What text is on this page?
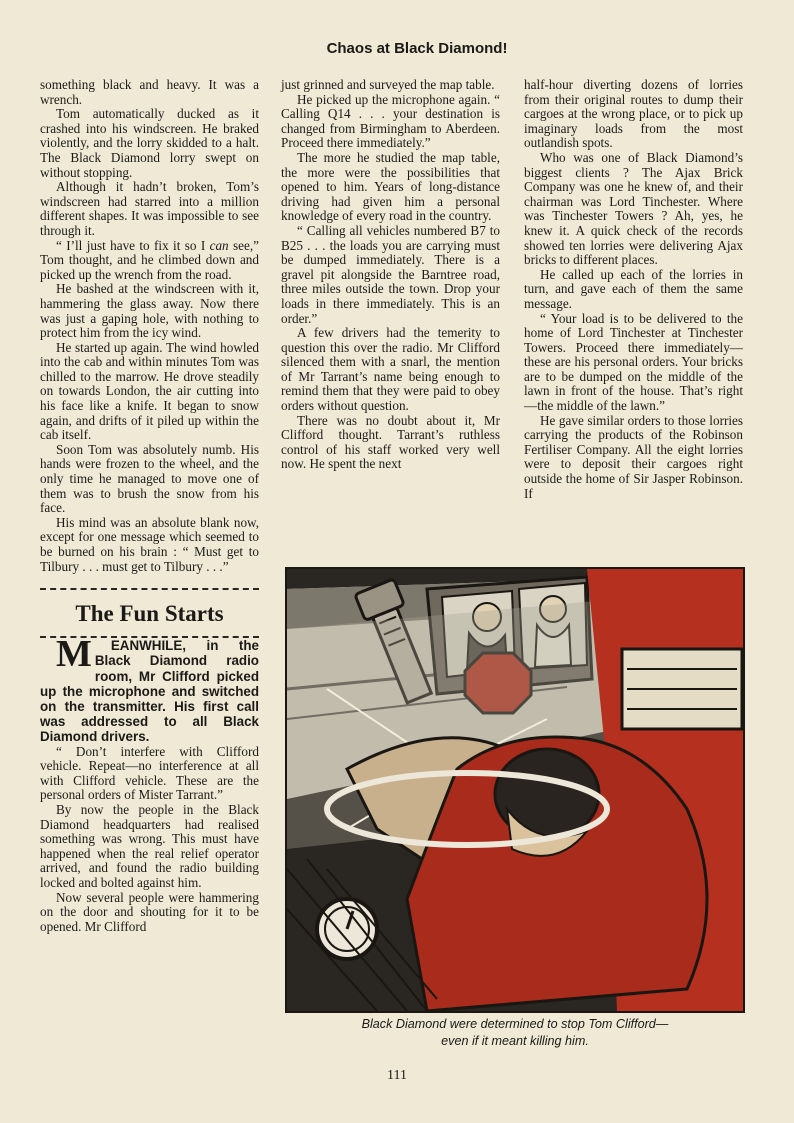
Chaos at Black Diamond!

something black and heavy. It was a wrench.

Tom automatically ducked as it crashed into his windscreen. He braked violently, and the lorry skidded to a halt. The Black Diamond lorry swept on without stopping.

Although it hadn’t broken, Tom’s windscreen had starred into a million different shapes. It was impossible to see through it.

“ I’ll just have to fix it so I can see,” Tom thought, and he climbed down and picked up the wrench from the road.

He bashed at the windscreen with it, hammering the glass away. Now there was just a gaping hole, with nothing to protect him from the icy wind.

He started up again. The wind howled into the cab and within minutes Tom was chilled to the marrow. He drove steadily on towards London, the air cutting into his face like a knife. It began to snow again, and drifts of it piled up within the cab itself.

Soon Tom was absolutely numb. His hands were frozen to the wheel, and the only time he managed to move one of them was to brush the snow from his face.

His mind was an absolute blank now, except for one message which seemed to be burned on his brain : “ Must get to Tilbury . . . must get to Tilbury . . .”

The Fun Starts

M EANWHILE, in the Black Diamond radio room, Mr Clifford picked up the microphone and switched on the transmitter. His first call was addressed to all Black Diamond drivers.

“ Don’t interfere with Clifford vehicle. Repeat—no interference at all with Clifford vehicle. These are the personal orders of Mister Tarrant.”

By now the people in the Black Diamond headquarters had realised something was wrong. This must have happened when the real relief operator arrived, and found the radio building locked and bolted against him.

Now several people were hammering on the door and shouting for it to be opened. Mr Clifford

just grinned and surveyed the map table.

He picked up the microphone again. “ Calling Q14 . . . your destination is changed from Birmingham to Aberdeen. Proceed there immediately.”

The more he studied the map table, the more were the possibilities that opened to him. Years of long-distance driving had given him a personal knowledge of every road in the country.

“ Calling all vehicles numbered B7 to B25 . . . the loads you are carrying must be dumped immediately. There is a gravel pit alongside the Barntree road, three miles outside the town. Drop your loads in there immediately. This is an order.”

A few drivers had the temerity to question this over the radio. Mr Clifford silenced them with a snarl, the mention of Mr Tarrant’s name being enough to remind them that they were paid to obey orders without question.

There was no doubt about it, Mr Clifford thought. Tarrant’s ruthless control of his staff worked very well now. He spent the next

half-hour diverting dozens of lorries from their original routes to dump their cargoes at the wrong place, or to pick up imaginary loads from the most outlandish spots.

Who was one of Black Diamond’s biggest clients ? The Ajax Brick Company was one he knew of, and their chairman was Lord Tinchester. Where was Tinchester Towers ? Ah, yes, he knew it. A quick check of the records showed ten lorries were delivering Ajax bricks to different places.

He called up each of the lorries in turn, and gave each of them the same message.

“ Your load is to be delivered to the home of Lord Tinchester at Tinchester Towers. Proceed there immediately—these are his personal orders. Your bricks are to be dumped on the middle of the lawn in front of the house. That’s right —the middle of the lawn.”

He gave similar orders to those lorries carrying the products of the Robinson Fertiliser Company. All the eight lorries were to deposit their cargoes right outside the home of Sir Jasper Robinson. If

Black Diamond were determined to stop Tom Clifford—
even if it meant killing him.
111
